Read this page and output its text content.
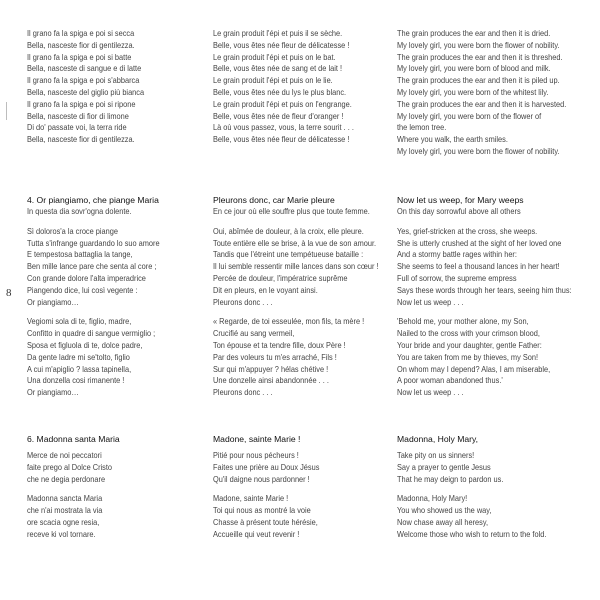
8
Il grano fa la spiga e poi si secca
Bella, nasceste fior di gentilezza.
Il grano fa la spiga e poi si batte
Bella, nasceste di sangue e di latte
Il grano fa la spiga e poi s'abbarca
Bella, nasceste del giglio più bianca
Il grano fa la spiga e poi si ripone
Bella, nasceste di fior di limone
Di do' passate voi, la terra ride
Bella, nasceste fior di gentilezza.
Le grain produit l'épi et puis il se sèche.
Belle, vous êtes née fleur de délicatesse !
Le grain produit l'épi et puis on le bat.
Belle, vous êtes née de sang et de lait !
Le grain produit l'épi et puis on le lie.
Belle, vous êtes née du lys le plus blanc.
Le grain produit l'épi et puis on l'engrange.
Belle, vous êtes née de fleur d'oranger !
Là où vous passez, vous, la terre sourit . . .
Belle, vous êtes née fleur de délicatesse !
The grain produces the ear and then it is dried.
My lovely girl, you were born the flower of nobility.
The grain produces the ear and then it is threshed.
My lovely girl, you were born of blood and milk.
The grain produces the ear and then it is piled up.
My lovely girl, you were born of the whitest lily.
The grain produces the ear and then it is harvested.
My lovely girl, you were born of the flower of
the lemon tree.
Where you walk, the earth smiles.
My lovely girl, you were born the flower of nobility.
4. Or piangiamo, che piange Maria
In questa dia sovr'ogna dolente.
Sì doloros'a la croce piange
Tutta s'infrange guardando lo suo amore
E tempestosa battaglia la tange,
Ben mille lance pare che senta al core ;
Con grande dolore l'alta imperadrice
Piangendo dice, lui così vegente :
Or piangiamo…
Vegiomi sola di te, figlio, madre,
Confitto in quadre di sangue vermiglio ;
Sposa et figluola di te, dolce padre,
Da gente ladre mi se'tolto, figlio
A cui m'apiglio ? lassa tapinella,
Una donzella cosi rimanente !
Or piangiamo…
Pleurons donc, car Marie pleure
En ce jour où elle souffre plus que toute femme.
Oui, abîmée de douleur, à la croix, elle pleure.
Toute entière elle se brise, à la vue de son amour.
Tandis que l'étreint une tempétueuse bataille :
Il lui semble ressentir mille lances dans son cœur !
Percée de douleur, l'impératrice suprême
Dit en pleurs, en le voyant ainsi.
Pleurons donc . . .
« Regarde, de toi esseulée, mon fils, ta mère !
Crucifié au sang vermeil,
Ton épouse et ta tendre fille, doux Père !
Par des voleurs tu m'es arraché, Fils !
Sur qui m'appuyer ? hélas chétive !
Une donzelle ainsi abandonnée . . .
Pleurons donc . . .
Now let us weep, for Mary weeps
On this day sorrowful above all others
Yes, grief-stricken at the cross, she weeps.
She is utterly crushed at the sight of her loved one
And a stormy battle rages within her:
She seems to feel a thousand lances in her heart!
Full of sorrow, the supreme empress
Says these words through her tears, seeing him thus:
Now let us weep . . .
'Behold me, your mother alone, my Son,
Nailed to the cross with your crimson blood,
Your bride and your daughter, gentle Father:
You are taken from me by thieves, my Son!
On whom may I depend? Alas, I am miserable,
A poor woman abandoned thus.'
Now let us weep . . .
6. Madonna santa Maria
Merce de noi peccatori
faite prego al Dolce Cristo
che ne degia perdonare
Madonna sancta Maria
che n'ai mostrata la via
ore scacia ogne resia,
receve ki vol tornare.
Madone, sainte Marie !
Pitié pour nous pécheurs !
Faites une prière au Doux Jésus
Qu'il daigne nous pardonner !
Madone, sainte Marie !
Toi qui nous as montré la voie
Chasse à présent toute hérésie,
Accueille qui veut revenir !
Madonna, Holy Mary,
Take pity on us sinners!
Say a prayer to gentle Jesus
That he may deign to pardon us.
Madonna, Holy Mary!
You who showed us the way,
Now chase away all heresy,
Welcome those who wish to return to the fold.
